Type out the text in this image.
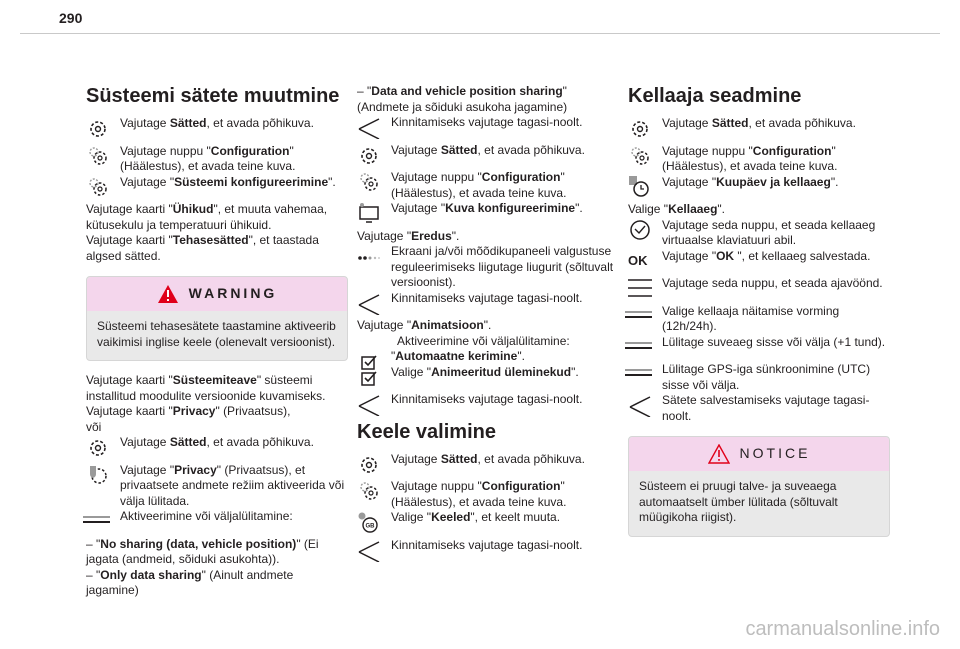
290
Süsteemi sätete muutmine

Vajutage Sätted, et avada põhikuva.

Vajutage nuppu "Configuration" (Häälestus), et avada teine kuva.

Vajutage "Süsteemi konfigureerimine".

Vajutage kaarti "Ühikud", et muuta vahemaa, kütusekulu ja temperatuuri ühikuid.

Vajutage kaarti "Tehasesätted", et taastada algsed sätted.

WARNING

Süsteemi tehasesätete taastamine aktiveerib vaikimisi inglise keele (olenevalt versioonist).

Vajutage kaarti "Süsteemiteave" süsteemi installitud moodulite versioonide kuvamiseks.

Vajutage kaarti "Privacy" (Privaatsus),

või

Vajutage Sätted, et avada põhikuva.

Vajutage "Privacy" (Privaatsus), et privaatsete andmete režiim aktiveerida või välja lülitada.

Aktiveerimine või väljalülitamine:

– "No sharing (data, vehicle position)" (Ei jagata (andmeid, sõiduki asukohta)).

– "Only data sharing" (Ainult andmete jagamine)

– "Data and vehicle position sharing" (Andmete ja sõiduki asukoha jagamine)

Kinnitamiseks vajutage tagasi-noolt.

Vajutage Sätted, et avada põhikuva.

Vajutage nuppu "Configuration" (Häälestus), et avada teine kuva.

Vajutage "Kuva konfigureerimine".

Vajutage "Eredus".

Ekraani ja/või mõõdikupaneeli valgustuse reguleerimiseks liigutage liugurit (sõltuvalt versioonist).

Kinnitamiseks vajutage tagasi-noolt.

Vajutage "Animatsioon".

Aktiveerimine või väljalülitamine:

"Automaatne kerimine".

Valige "Animeeritud üleminekud".

Kinnitamiseks vajutage tagasi-noolt.

Keele valimine

Vajutage Sätted, et avada põhikuva.

Vajutage nuppu "Configuration" (Häälestus), et avada teine kuva.

GB

Valige "Keeled", et keelt muuta.

Kinnitamiseks vajutage tagasi-noolt.

Kellaaja seadmine

Vajutage Sätted, et avada põhikuva.

Vajutage nuppu "Configuration" (Häälestus), et avada teine kuva.

Vajutage "Kuupäev ja kellaaeg".

Valige "Kellaaeg".

Vajutage seda nuppu, et seada kellaaeg virtuaalse klaviatuuri abil.

OK	Vajutage "OK ", et kellaaeg salvestada.

Vajutage seda nuppu, et seada ajavöönd.

Valige kellaaja näitamise vorming (12h/24h).

Lülitage suveaeg sisse või välja (+1 tund).

Lülitage GPS-iga sünkroonimine (UTC) sisse või välja.

Sätete salvestamiseks vajutage tagasi-noolt.

NOTICE

Süsteem ei pruugi talve- ja suveaega automaatselt ümber lülitada (sõltuvalt müügikoha riigist).

carmanualsonline.info
